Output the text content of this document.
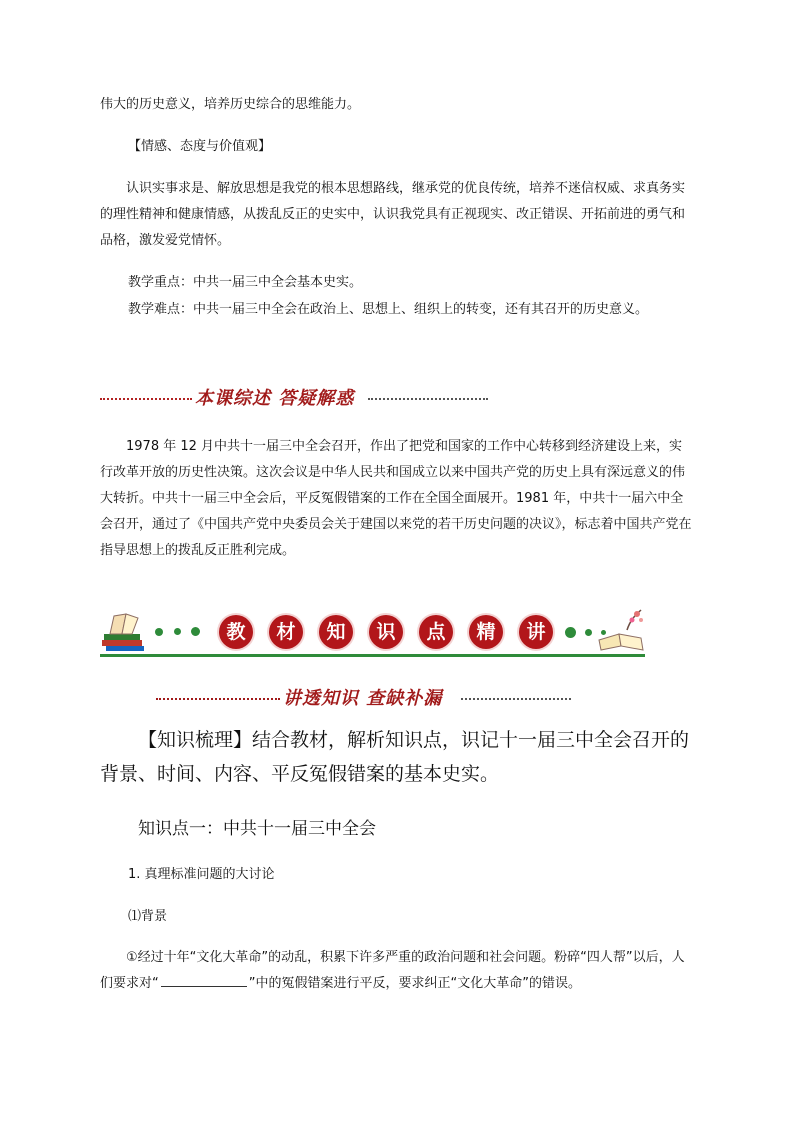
伟大的历史意义，培养历史综合的思维能力。
【情感、态度与价值观】
认识实事求是、解放思想是我党的根本思想路线，继承党的优良传统，培养不迷信权威、求真务实的理性精神和健康情感，从拨乱反正的史实中，认识我党具有正视现实、改正错误、开拓前进的勇气和品格，激发爱党情怀。
教学重点：中共一届三中全会基本史实。
教学难点：中共一届三中全会在政治上、思想上、组织上的转变，还有其召开的历史意义。
本课综述 答疑解惑
1978 年 12 月中共十一届三中全会召开，作出了把党和国家的工作中心转移到经济建设上来，实行改革开放的历史性决策。这次会议是中华人民共和国成立以来中国共产党的历史上具有深远意义的伟大转折。中共十一届三中全会后，平反冤假错案的工作在全国全面展开。1981 年，中共十一届六中全会召开，通过了《中国共产党中央委员会关于建国以来党的若干历史问题的决议》，标志着中国共产党在指导思想上的拨乱反正胜利完成。
教	材	知	识	点	精	讲
讲透知识 查缺补漏
【知识梳理】结合教材，解析知识点，识记十一届三中全会召开的背景、时间、内容、平反冤假错案的基本史实。
知识点一：中共十一届三中全会
1. 真理标准问题的大讨论
⑴背景
①经过十年“文化大革命”的动乱，积累下许多严重的政治问题和社会问题。粉碎“四人帮”以后，人们要求对“	”中的冤假错案进行平反，要求纠正“文化大革命”的错误。
